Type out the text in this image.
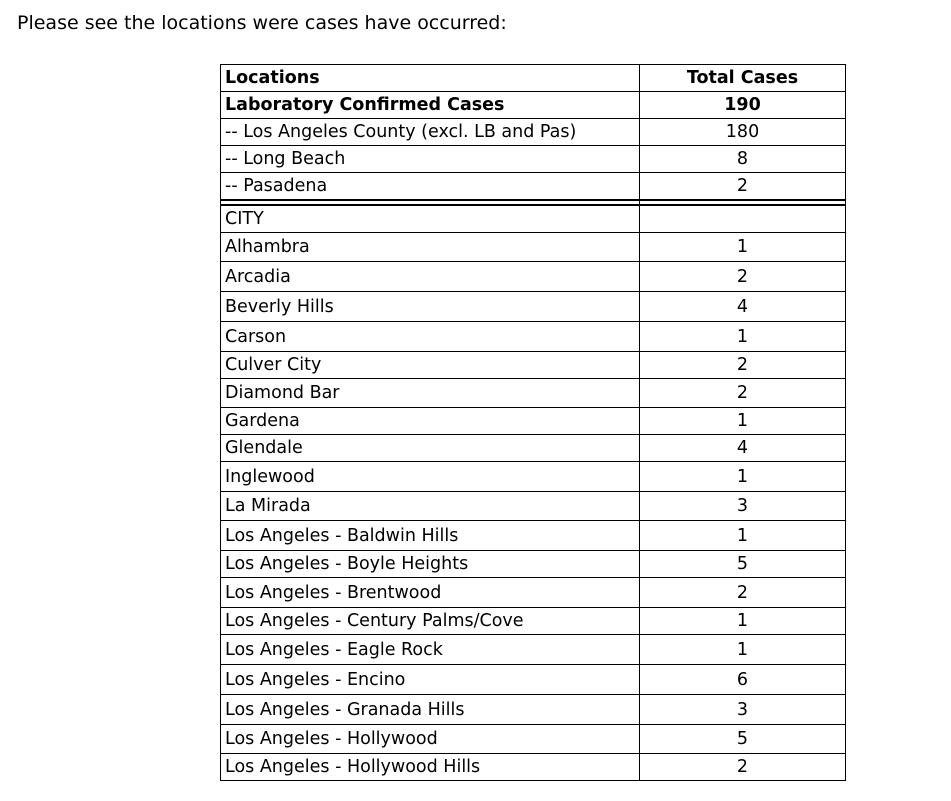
Please see the locations were cases have occurred:
Locations	Total Cases
Laboratory Confirmed Cases	190
-- Los Angeles County (excl. LB and Pas)	180
-- Long Beach	8
-- Pasadena	2

CITY	
Alhambra	1
Arcadia	2
Beverly Hills	4
Carson	1
Culver City	2
Diamond Bar	2
Gardena	1
Glendale	4
Inglewood	1
La Mirada	3
Los Angeles - Baldwin Hills	1
Los Angeles - Boyle Heights	5
Los Angeles - Brentwood	2
Los Angeles - Century Palms/Cove	1
Los Angeles - Eagle Rock	1
Los Angeles - Encino	6
Los Angeles - Granada Hills	3
Los Angeles - Hollywood	5
Los Angeles - Hollywood Hills	2
